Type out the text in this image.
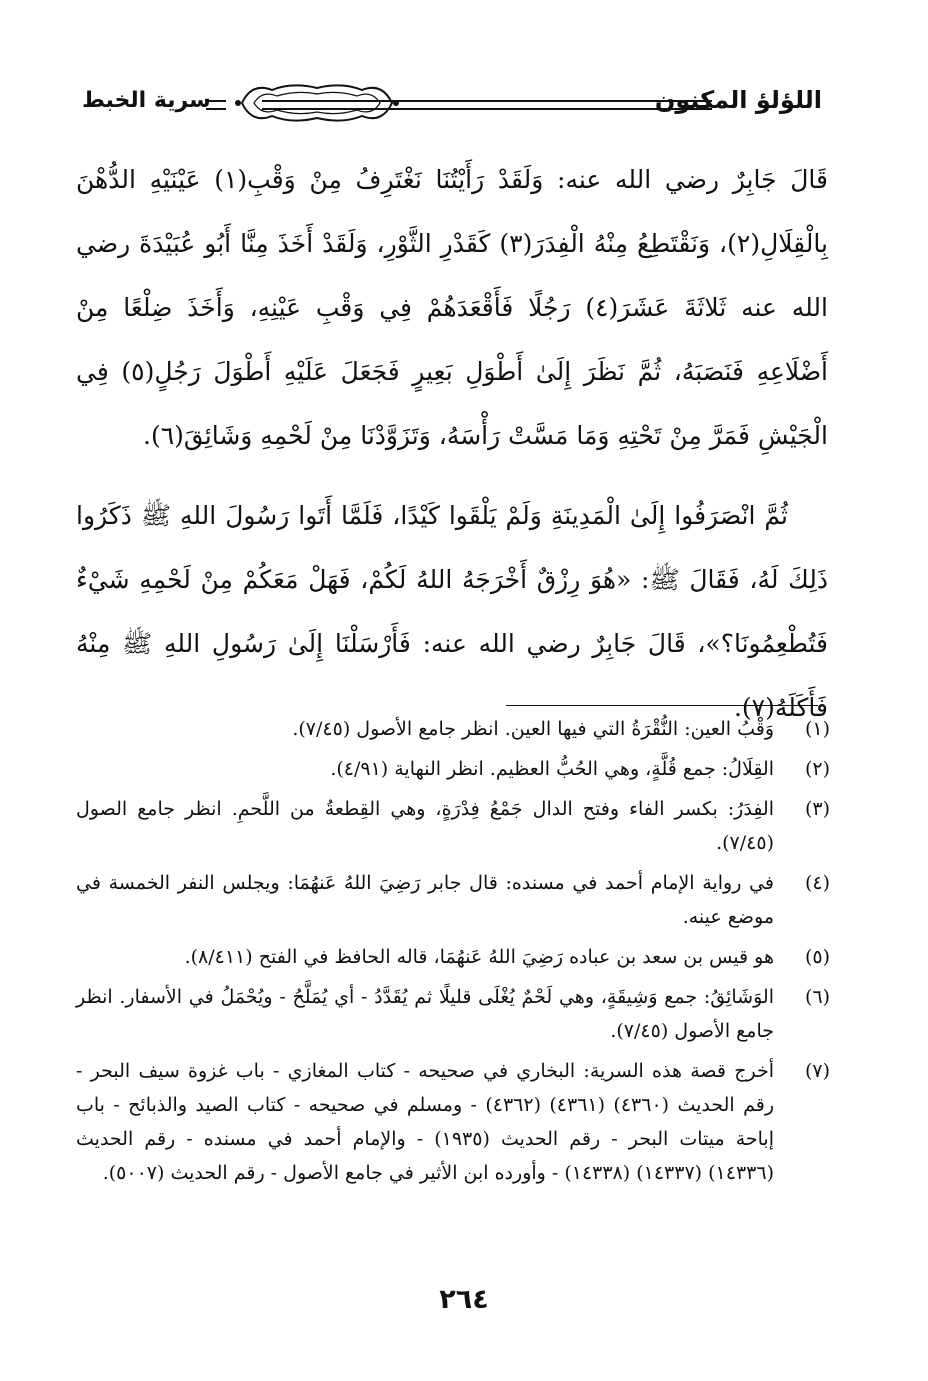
اللؤلؤ المكنون
سرية الخبط

قَالَ جَابِرٌ رضي الله عنه: وَلَقَدْ رَأَيْتُنَا نَغْتَرِفُ مِنْ وَقْبِ(١) عَيْنَيْهِ الدُّهْنَ بِالْقِلَالِ(٢)، وَنَقْتَطِعُ مِنْهُ الْفِدَرَ(٣) كَقَدْرِ الثَّوْرِ، وَلَقَدْ أَخَذَ مِنَّا أَبُو عُبَيْدَةَ رضي الله عنه ثَلاثَةَ عَشَرَ(٤) رَجُلًا فَأَقْعَدَهُمْ فِي وَقْبِ عَيْنِهِ، وَأَخَذَ ضِلْعًا مِنْ أَضْلَاعِهِ فَنَصَبَهُ، ثُمَّ نَظَرَ إِلَىٰ أَطْوَلِ بَعِيرٍ فَجَعَلَ عَلَيْهِ أَطْوَلَ رَجُلٍ(٥) فِي الْجَيْشِ فَمَرَّ مِنْ تَحْتِهِ وَمَا مَسَّتْ رَأْسَهُ، وَتَزَوَّدْنَا مِنْ لَحْمِهِ وَشَائِقَ(٦).

ثُمَّ انْصَرَفُوا إِلَىٰ الْمَدِينَةِ وَلَمْ يَلْقَوا كَيْدًا، فَلَمَّا أَتَوا رَسُولَ اللهِ ﷺ ذَكَرُوا ذَلِكَ لَهُ، فَقَالَ ﷺ: «هُوَ رِزْقٌ أَخْرَجَهُ اللهُ لَكُمْ، فَهَلْ مَعَكُمْ مِنْ لَحْمِهِ شَيْءٌ فَتُطْعِمُونَا؟»، قَالَ جَابِرٌ رضي الله عنه: فَأَرْسَلْنَا إِلَىٰ رَسُولِ اللهِ ﷺ مِنْهُ فَأَكَلَهُ(٧).

(١)
وَقْبُ العين: النُّقْرَةُ التي فيها العين. انظر جامع الأصول (٧/٤٥).
(٢)
القِلَالُ: جمع قُلَّةٍ، وهي الحُبُّ العظيم. انظر النهاية (٤/٩١).
(٣)
الفِدَرُ: بكسر الفاء وفتح الدال جَمْعُ فِدْرَةٍ، وهي القِطعةُ من اللَّحمِ. انظر جامع الصول (٧/٤٥).
(٤)
في رواية الإمام أحمد في مسنده: قال جابر رَضِيَ اللهُ عَنهُمَا: ويجلس النفر الخمسة في موضع عينه.
(٥)
هو قيس بن سعد بن عباده رَضِيَ اللهُ عَنهُمَا، قاله الحافظ في الفتح (٨/٤١١).
(٦)
الوَشَائِقُ: جمع وَشِيقَةٍ، وهي لَحْمٌ يُغْلَى قليلًا ثم يُقَدَّدُ - أي يُمَلَّحُ - ويُحْمَلُ في الأسفار. انظر جامع الأصول (٧/٤٥).
(٧)
أخرج قصة هذه السرية: البخاري في صحيحه - كتاب المغازي - باب غزوة سيف البحر - رقم الحديث (٤٣٦٠) (٤٣٦١) (٤٣٦٢) - ومسلم في صحيحه - كتاب الصيد والذبائح - باب إباحة ميتات البحر - رقم الحديث (١٩٣٥) - والإمام أحمد في مسنده - رقم الحديث (١٤٣٣٦) (١٤٣٣٧) (١٤٣٣٨) - وأورده ابن الأثير في جامع الأصول - رقم الحديث (٥٠٠٧).
٢٦٤
